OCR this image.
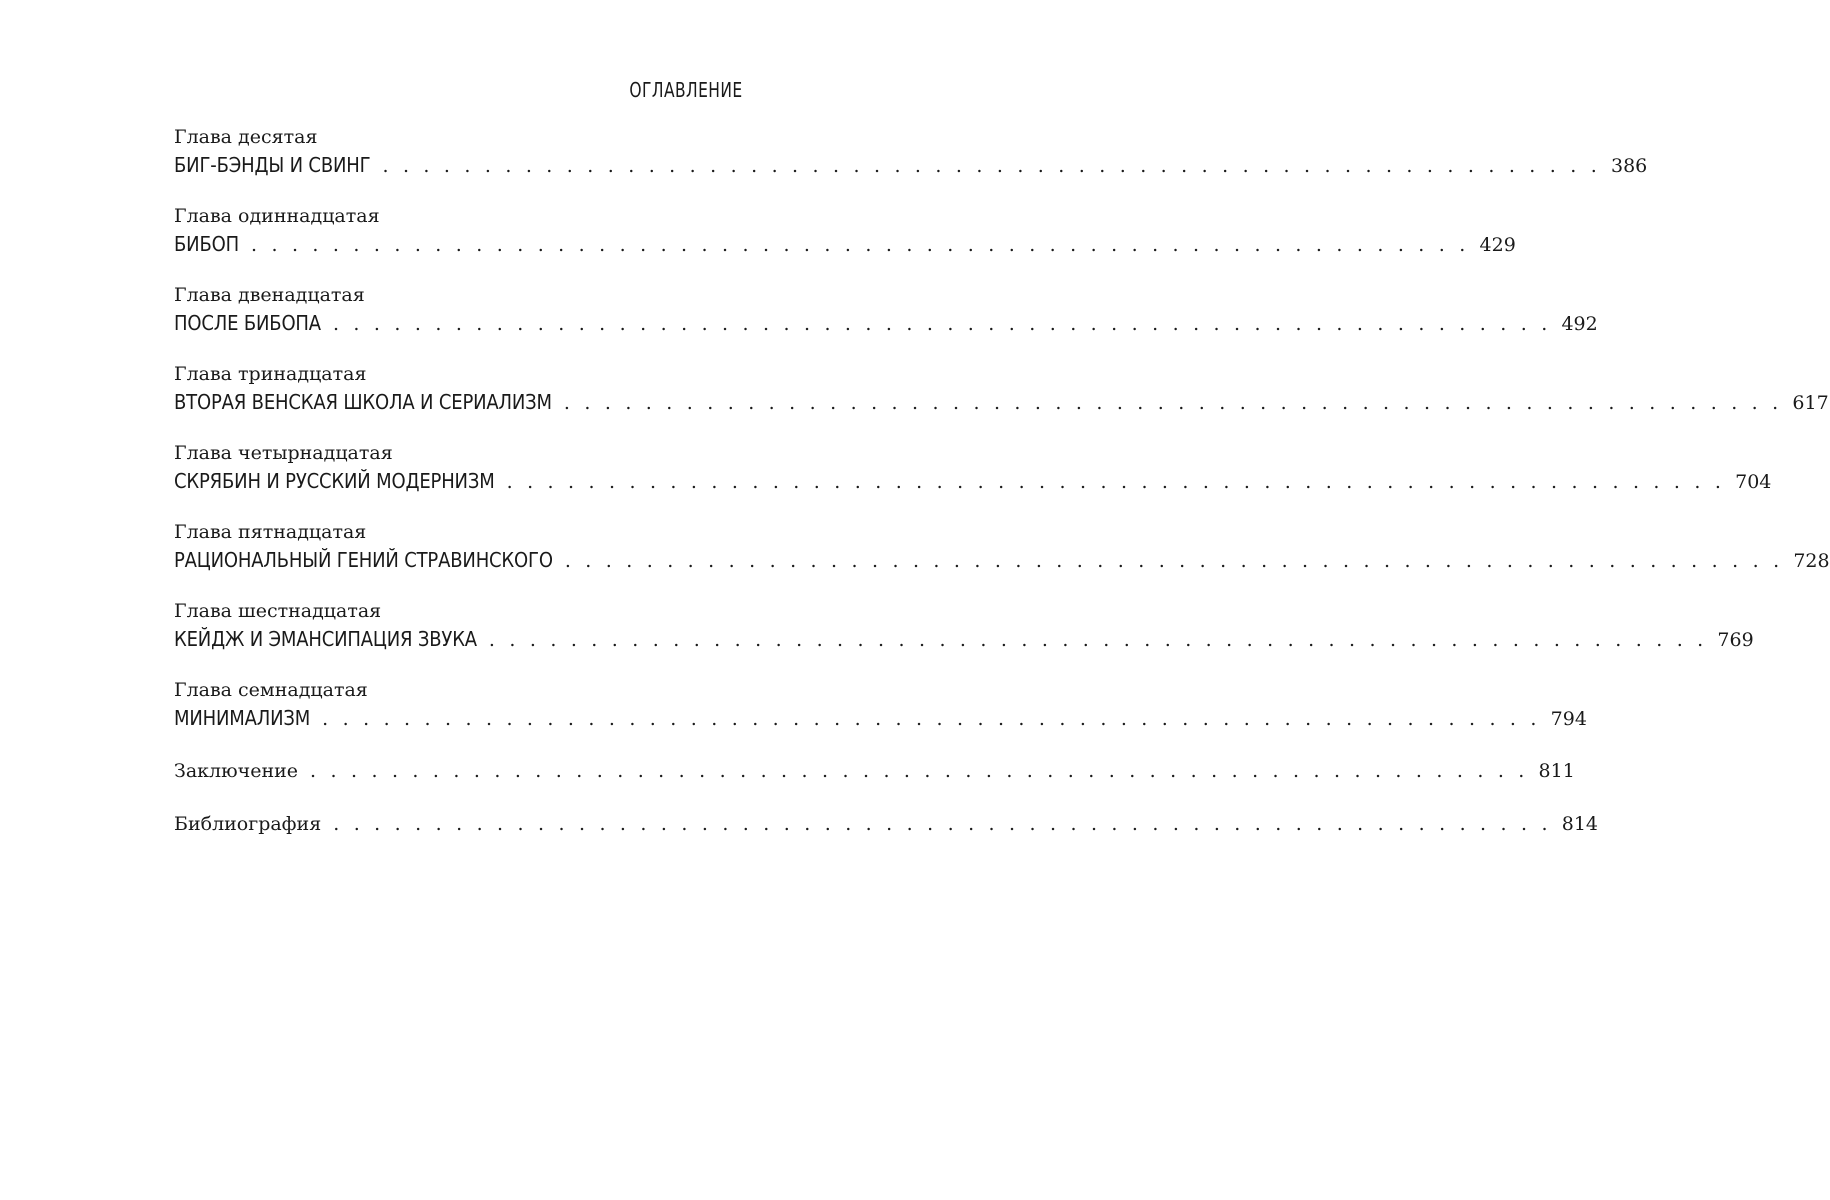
ОГЛАВЛЕНИЕ
Глава десятая
БИГ-БЭНДЫ И СВИНГ . . . . . . . . . . . . . . . . . . . . . . . . . . . . . . . . . . . . . . . . . . . . . . . . . . . . . . . . . . . . 386
Глава одиннадцатая
БИБОП . . . . . . . . . . . . . . . . . . . . . . . . . . . . . . . . . . . . . . . . . . . . . . . . . . . . . . . . . . . . 429
Глава двенадцатая
ПОСЛЕ БИБОПА . . . . . . . . . . . . . . . . . . . . . . . . . . . . . . . . . . . . . . . . . . . . . . . . . . . . . . . . . . . . 492
Глава тринадцатая
ВТОРАЯ ВЕНСКАЯ ШКОЛА И СЕРИАЛИЗМ . . . . . . . . . . . . . . . . . . . . . . . . . . . . . . . . . . . . . . . . . . . . . . . . . . . . . . . . . . . . 617
Глава четырнадцатая
СКРЯБИН И РУССКИЙ МОДЕРНИЗМ . . . . . . . . . . . . . . . . . . . . . . . . . . . . . . . . . . . . . . . . . . . . . . . . . . . . . . . . . . . . 704
Глава пятнадцатая
РАЦИОНАЛЬНЫЙ ГЕНИЙ СТРАВИНСКОГО . . . . . . . . . . . . . . . . . . . . . . . . . . . . . . . . . . . . . . . . . . . . . . . . . . . . . . . . . . . . 728
Глава шестнадцатая
КЕЙДЖ И ЭМАНСИПАЦИЯ ЗВУКА . . . . . . . . . . . . . . . . . . . . . . . . . . . . . . . . . . . . . . . . . . . . . . . . . . . . . . . . . . . . 769
Глава семнадцатая
МИНИМАЛИЗМ . . . . . . . . . . . . . . . . . . . . . . . . . . . . . . . . . . . . . . . . . . . . . . . . . . . . . . . . . . . . 794
Заключение . . . . . . . . . . . . . . . . . . . . . . . . . . . . . . . . . . . . . . . . . . . . . . . . . . . . . . . . . . . . 811
Библиография . . . . . . . . . . . . . . . . . . . . . . . . . . . . . . . . . . . . . . . . . . . . . . . . . . . . . . . . . . . . 814
